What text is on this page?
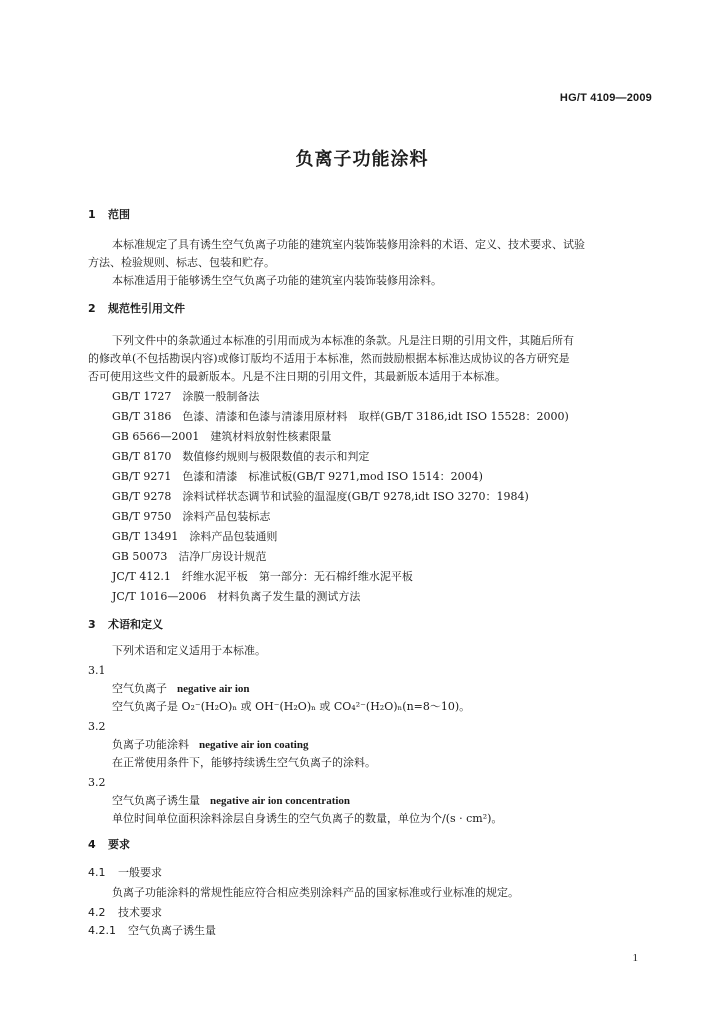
HG/T 4109—2009
负离子功能涂料
1 范围
本标准规定了具有诱生空气负离子功能的建筑室内装饰装修用涂料的术语、定义、技术要求、试验
方法、检验规则、标志、包装和贮存。
本标准适用于能够诱生空气负离子功能的建筑室内装饰装修用涂料。
2 规范性引用文件
下列文件中的条款通过本标准的引用而成为本标准的条款。凡是注日期的引用文件，其随后所有
的修改单(不包括勘误内容)或修订版均不适用于本标准，然而鼓励根据本标准达成协议的各方研究是
否可使用这些文件的最新版本。凡是不注日期的引用文件，其最新版本适用于本标准。
GB/T 1727　涂膜一般制备法
GB/T 3186　色漆、清漆和色漆与清漆用原材料　取样(GB/T 3186,idt ISO 15528：2000)
GB 6566—2001　建筑材料放射性核素限量
GB/T 8170　数值修约规则与极限数值的表示和判定
GB/T 9271　色漆和清漆　标准试板(GB/T 9271,mod ISO 1514：2004)
GB/T 9278　涂料试样状态调节和试验的温湿度(GB/T 9278,idt ISO 3270：1984)
GB/T 9750　涂料产品包装标志
GB/T 13491　涂料产品包装通则
GB 50073　洁净厂房设计规范
JC/T 412.1　纤维水泥平板　第一部分：无石棉纤维水泥平板
JC/T 1016—2006　材料负离子发生量的测试方法
3 术语和定义
下列术语和定义适用于本标准。
3.1
空气负离子 negative air ion
空气负离子是 O₂⁻(H₂O)ₙ 或 OH⁻(H₂O)ₙ 或 CO₄²⁻(H₂O)ₙ(n=8～10)。
3.2
负离子功能涂料 negative air ion coating
在正常使用条件下，能够持续诱生空气负离子的涂料。
3.2
空气负离子诱生量 negative air ion concentration
单位时间单位面积涂料涂层自身诱生的空气负离子的数量，单位为个/(s · cm²)。
4 要求
4.1 一般要求
负离子功能涂料的常规性能应符合相应类别涂料产品的国家标准或行业标准的规定。
4.2 技术要求
4.2.1 空气负离子诱生量
1
